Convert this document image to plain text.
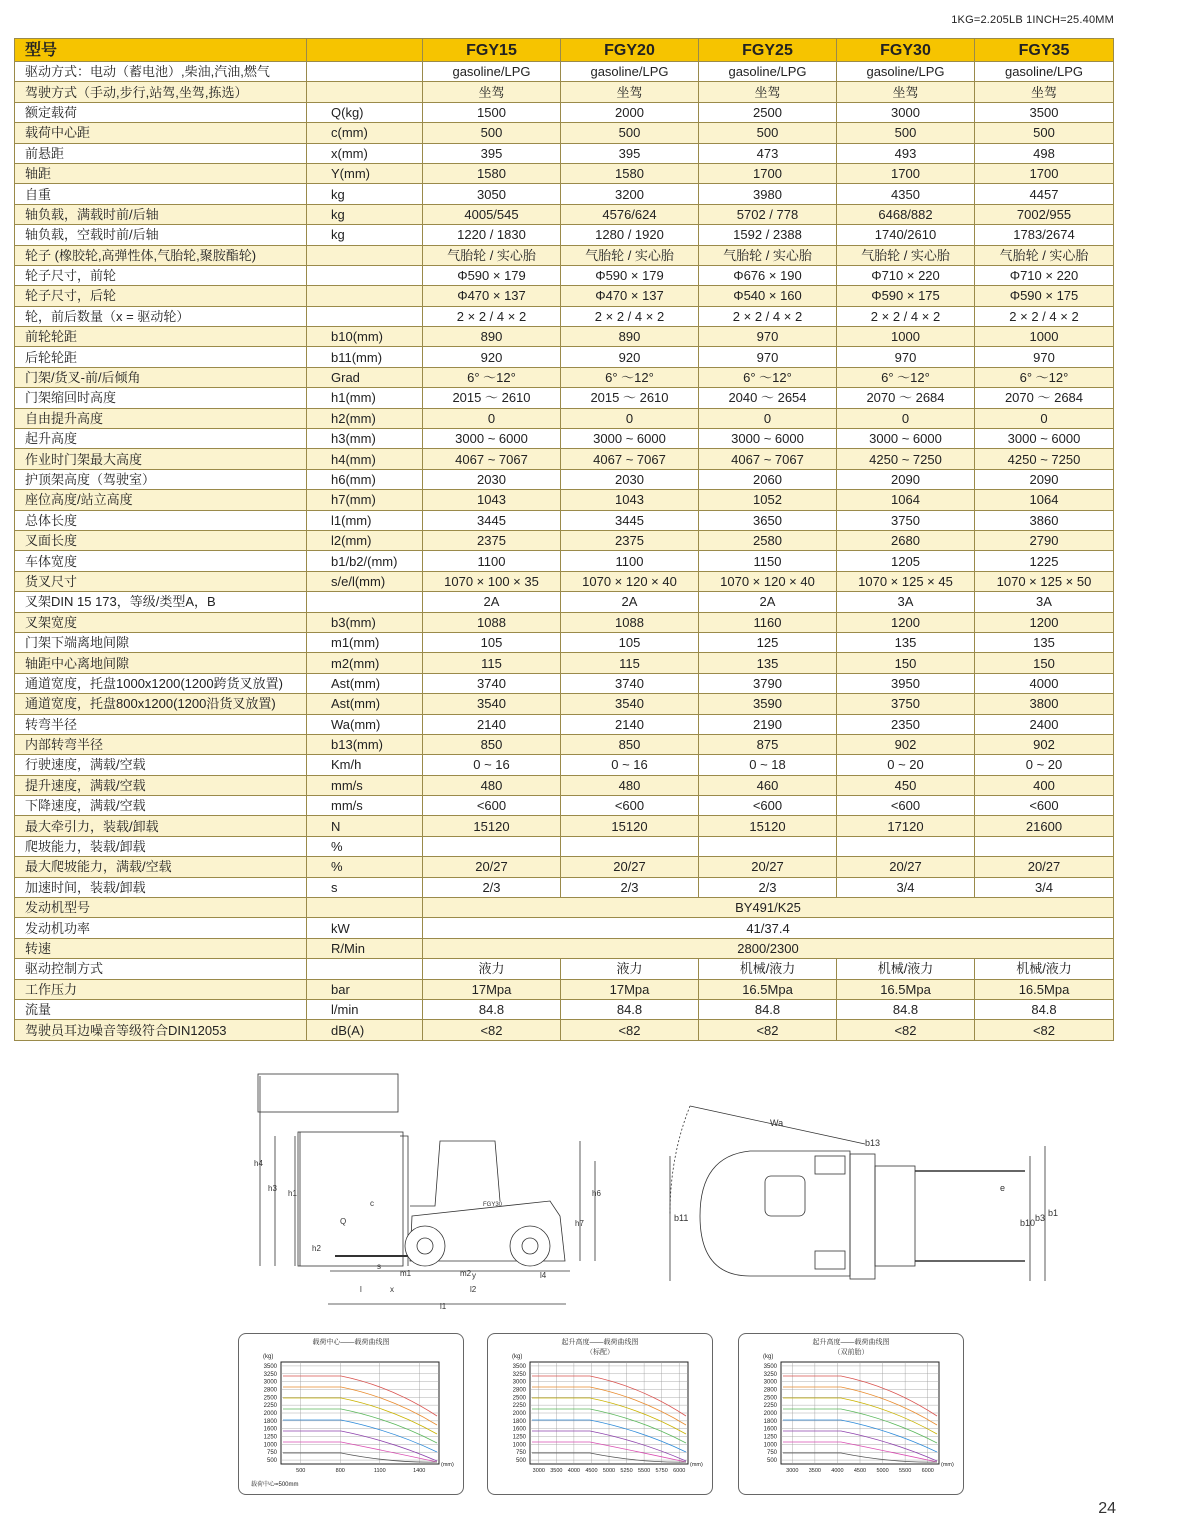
1KG=2.205LB 1INCH=25.40MM
型号		FGY15	FGY20	FGY25	FGY30	FGY35
驱动方式：电动（蓄电池）,柴油,汽油,燃气		gasoline/LPG	gasoline/LPG	gasoline/LPG	gasoline/LPG	gasoline/LPG
驾驶方式（手动,步行,站驾,坐驾,拣选）		坐驾	坐驾	坐驾	坐驾	坐驾
额定载荷	Q(kg)	1500	2000	2500	3000	3500
载荷中心距	c(mm)	500	500	500	500	500
前悬距	x(mm)	395	395	473	493	498
轴距	Y(mm)	1580	1580	1700	1700	1700
自重	kg	3050	3200	3980	4350	4457
轴负载，满载时前/后轴	kg	4005/545	4576/624	5702 / 778	6468/882	7002/955
轴负载，空载时前/后轴	kg	1220 / 1830	1280 / 1920	1592 / 2388	1740/2610	1783/2674
轮子 (橡胶轮,高弹性体,气胎轮,聚胺酯轮)		气胎轮 / 实心胎	气胎轮 / 实心胎	气胎轮 / 实心胎	气胎轮 / 实心胎	气胎轮 / 实心胎
轮子尺寸，前轮		Φ590 × 179	Φ590 × 179	Φ676 × 190	Φ710 × 220	Φ710 × 220
轮子尺寸，后轮		Φ470 × 137	Φ470 × 137	Φ540 × 160	Φ590 × 175	Φ590 × 175
轮，前后数量（x = 驱动轮）		2 × 2 / 4 × 2	2 × 2 / 4 × 2	2 × 2 / 4 × 2	2 × 2 / 4 × 2	2 × 2 / 4 × 2
前轮轮距	b10(mm)	890	890	970	1000	1000
后轮轮距	b11(mm)	920	920	970	970	970
门架/货叉-前/后倾角	Grad	6° ～12°	6° ～12°	6° ～12°	6° ～12°	6° ～12°
门架缩回时高度	h1(mm)	2015 ～ 2610	2015 ～ 2610	2040 ～ 2654	2070 ～ 2684	2070 ～ 2684
自由提升高度	h2(mm)	0	0	0	0	0
起升高度	h3(mm)	3000 ~ 6000	3000 ~ 6000	3000 ~ 6000	3000 ~ 6000	3000 ~ 6000
作业时门架最大高度	h4(mm)	4067 ~ 7067	4067 ~ 7067	4067 ~ 7067	4250 ~ 7250	4250 ~ 7250
护顶架高度（驾驶室）	h6(mm)	2030	2030	2060	2090	2090
座位高度/站立高度	h7(mm)	1043	1043	1052	1064	1064
总体长度	l1(mm)	3445	3445	3650	3750	3860
叉面长度	l2(mm)	2375	2375	2580	2680	2790
车体宽度	b1/b2/(mm)	1100	1100	1150	1205	1225
货叉尺寸	s/e/l(mm)	1070 × 100 × 35	1070 × 120 × 40	1070 × 120 × 40	1070 × 125 × 45	1070 × 125 × 50
叉架DIN 15 173，等级/类型A，B		2A	2A	2A	3A	3A
叉架宽度	b3(mm)	1088	1088	1160	1200	1200
门架下端离地间隙	m1(mm)	105	105	125	135	135
轴距中心离地间隙	m2(mm)	115	115	135	150	150
通道宽度，托盘1000x1200(1200跨货叉放置)	Ast(mm)	3740	3740	3790	3950	4000
通道宽度，托盘800x1200(1200沿货叉放置)	Ast(mm)	3540	3540	3590	3750	3800
转弯半径	Wa(mm)	2140	2140	2190	2350	2400
内部转弯半径	b13(mm)	850	850	875	902	902
行驶速度，满载/空载	Km/h	0 ~ 16	0 ~ 16	0 ~ 18	0 ~ 20	0 ~ 20
提升速度，满载/空载	mm/s	480	480	460	450	400
下降速度，满载/空载	mm/s	<600	<600	<600	<600	<600
最大牵引力，装载/卸载	N	15120	15120	15120	17120	21600
爬坡能力，装载/卸载	%					
最大爬坡能力，满载/空载	%	20/27	20/27	20/27	20/27	20/27
加速时间，装载/卸载	s	2/3	2/3	2/3	3/4	3/4
发动机型号		BY491/K25				
发动机功率	kW	41/37.4				
转速	R/Min	2800/2300				
驱动控制方式		液力	液力	机械/液力	机械/液力	机械/液力
工作压力	bar	17Mpa	17Mpa	16.5Mpa	16.5Mpa	16.5Mpa
流量	l/min	84.8	84.8	84.8	84.8	84.8
驾驶员耳边噪音等级符合DIN12053	dB(A)	<82	<82	<82	<82	<82
h4
h3
h1
h2
c
Q
s
m1
x
m2 y	l4
l	l2
l1
h6
h7
FGY30
Wa
b13
e
b11	b10 b3 b1
载荷中心——载荷曲线图
3500
3250
3000
2800
2500
2250
2000
1800
1600
1250
1000
750
500
500	800	1100	1400
(kg)
(mm)
载荷中心=500mm
起升高度——载荷曲线图
（标配）
3500
3250
3000
2800
2500
2250
2000
1800
1600
1250
1000
750
500
3000 3500 4000 4500 5000 5250 5500 5750 6000
(kg)
(mm)
起升高度——载荷曲线图
（双前胎）
3500
3250
3000
2800
2500
2250
2000
1800
1600
1250
1000
750
500
3000 3500 4000 4500 5000 5500 6000
(kg)
(mm)
24
